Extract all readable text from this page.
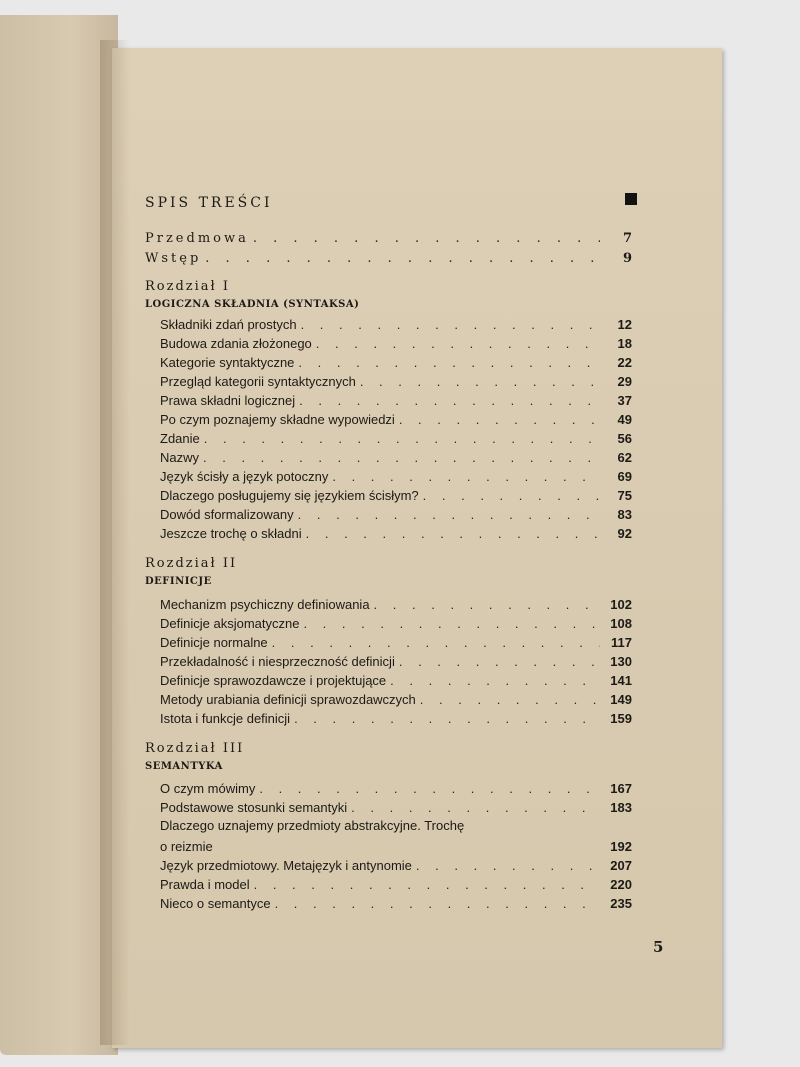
SPIS TREŚCI
Przedmowa . . .	7
Wstęp . . .	9
Rozdział I
LOGICZNA SKŁADNIA (SYNTAKSA)
Składniki zdań prostych . . .	12
Budowa zdania złożonego . . .	18
Kategorie syntaktyczne . . .	22
Przegląd kategorii syntaktycznych . . .	29
Prawa składni logicznej . . .	37
Po czym poznajemy składne wypowiedzi . . .	49
Zdanie . . .	56
Nazwy . . .	62
Język ścisły a język potoczny . . .	69
Dlaczego posługujemy się językiem ścisłym? . . .	75
Dowód sformalizowany . . .	83
Jeszcze trochę o składni . . .	92
Rozdział II
DEFINICJE
Mechanizm psychiczny definiowania . . .	102
Definicje aksjomatyczne . . .	108
Definicje normalne . . .	117
Przekładalność i niesprzeczność definicji . . .	130
Definicje sprawozdawcze i projektujące . . .	141
Metody urabiania definicji sprawozdawczych . . .	149
Istota i funkcje definicji . . .	159
Rozdział III
SEMANTYKA
O czym mówimy . . .	167
Podstawowe stosunki semantyki . . .	183
Dlaczego uznajemy przedmioty abstrakcyjne. Trochę
o reizmie	192
Język przedmiotowy. Metajęzyk i antynomie . . .	207
Prawda i model . . .	220
Nieco o semantyce . . .	235
5
